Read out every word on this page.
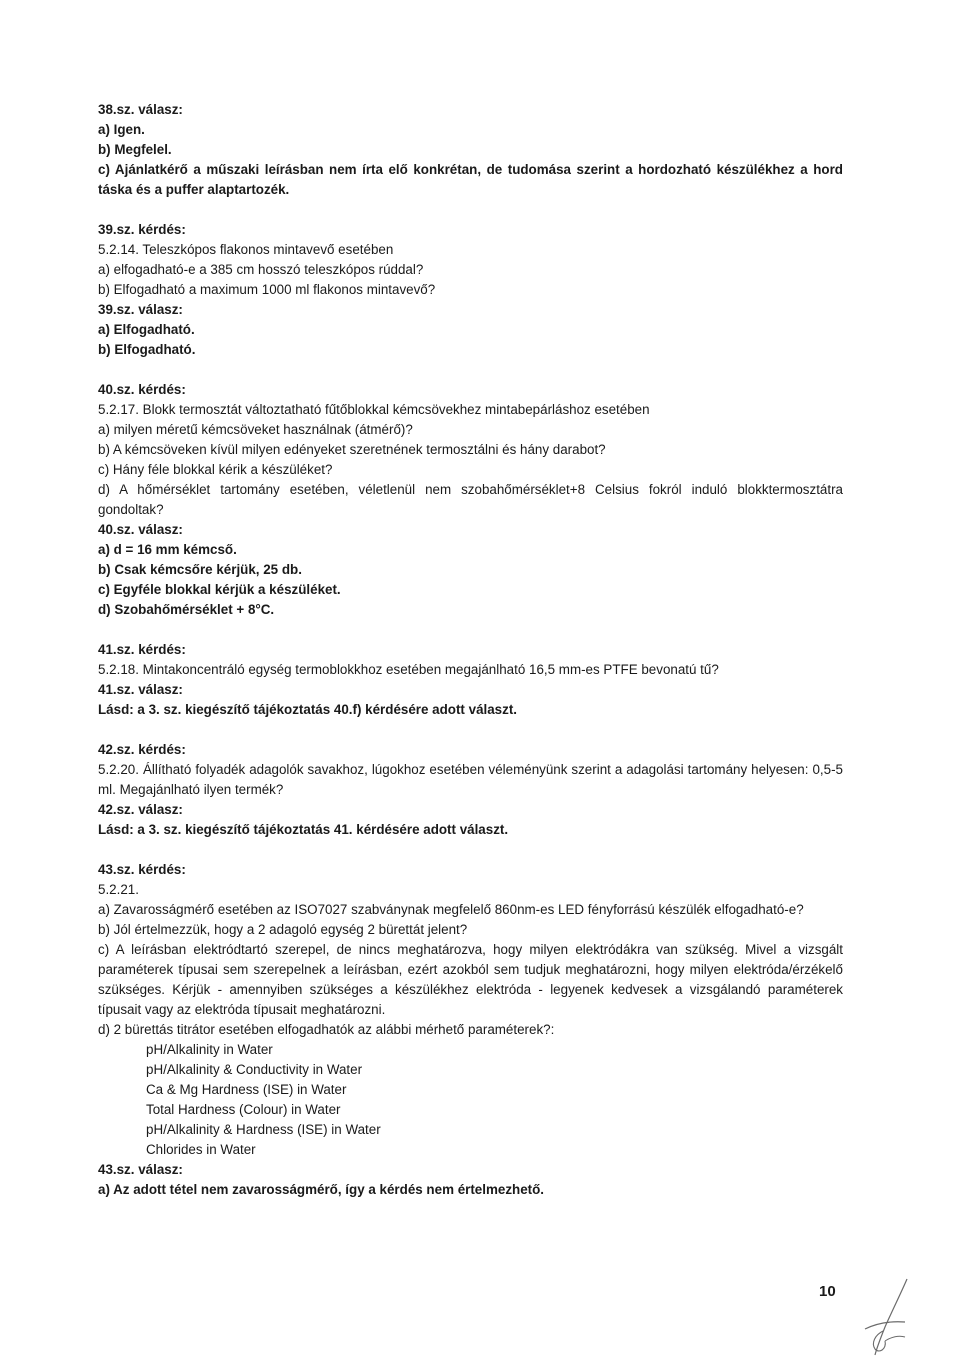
38.sz. válasz:

a) Igen.

b) Megfelel.

c) Ajánlatkérő a műszaki leírásban nem írta elő konkrétan, de tudomása szerint a hordozható készülékhez a hord táska és a puffer alaptartozék.

39.sz. kérdés:

5.2.14. Teleszkópos flakonos mintavevő esetében

a) elfogadható-e a 385 cm hosszó teleszkópos rúddal?

b) Elfogadható a maximum 1000 ml flakonos mintavevő?

39.sz. válasz:

a) Elfogadható.

b) Elfogadható.

40.sz. kérdés:

5.2.17. Blokk termosztát változtatható fűtőblokkal kémcsövekhez mintabepárláshoz esetében

a) milyen méretű kémcsöveket használnak (átmérő)?

b) A kémcsöveken kívül milyen edényeket szeretnének termosztálni és hány darabot?

c) Hány féle blokkal kérik a készüléket?

d) A hőmérséklet tartomány esetében, véletlenül nem szobahőmérséklet+8 Celsius fokról induló blokktermosztátra gondoltak?

40.sz. válasz:

a) d = 16 mm kémcső.

b) Csak kémcsőre kérjük, 25 db.

c) Egyféle blokkal kérjük a készüléket.

d) Szobahőmérséklet + 8°C.

41.sz. kérdés:

5.2.18. Mintakoncentráló egység termoblokkhoz esetében megajánlható 16,5 mm-es PTFE bevonatú tű?

41.sz. válasz:

Lásd: a 3. sz. kiegészítő tájékoztatás 40.f) kérdésére adott választ.

42.sz. kérdés:

5.2.20. Állítható folyadék adagolók savakhoz, lúgokhoz esetében véleményünk szerint a adagolási tartomány helyesen: 0,5-5 ml. Megajánlható ilyen termék?

42.sz. válasz:

Lásd: a 3. sz. kiegészítő tájékoztatás 41. kérdésére adott választ.

43.sz. kérdés:

5.2.21.

a) Zavarosságmérő esetében az ISO7027 szabványnak megfelelő 860nm-es LED fényforrású készülék elfogadható-e?

b) Jól értelmezzük, hogy a 2 adagoló egység 2 bürettát jelent?

c) A leírásban elektródtartó szerepel, de nincs meghatározva, hogy milyen elektródákra van szükség. Mivel a vizsgált paraméterek típusai sem szerepelnek a leírásban, ezért azokból sem tudjuk meghatározni, hogy milyen elektróda/érzékelő szükséges. Kérjük - amennyiben szükséges a készülékhez elektróda - legyenek kedvesek a vizsgálandó paraméterek típusait vagy az elektróda típusait meghatározni.

d) 2 bürettás titrátor esetében elfogadhatók az alábbi mérhető paraméterek?:

pH/Alkalinity in Water

pH/Alkalinity & Conductivity in Water

Ca & Mg Hardness (ISE) in Water

Total Hardness (Colour) in Water

pH/Alkalinity & Hardness (ISE) in Water

Chlorides in Water

43.sz. válasz:

a) Az adott tétel nem zavarosságmérő, így a kérdés nem értelmezhető.

10
